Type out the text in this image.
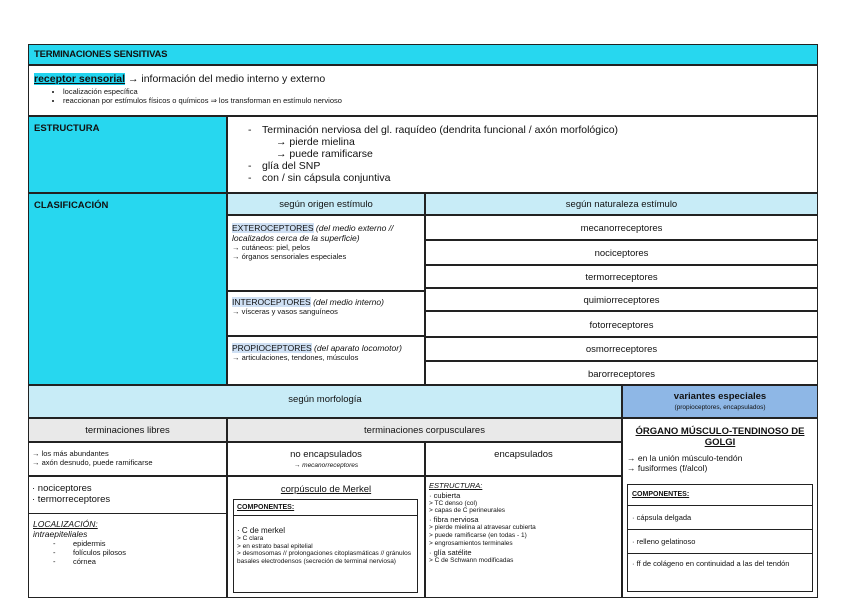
TERMINACIONES SENSITIVAS
receptor sensorial → información del medio interno y externo
• localización específica
• reaccionan por estímulos físicos o químicos ⇒ los transforman en estímulo nervioso
ESTRUCTURA
-	Terminación nerviosa del gl. raquídeo (dendrita funcional / axón morfológico)
→ pierde mielina
→ puede ramificarse
- glía del SNP
- con / sin cápsula conjuntiva
CLASIFICACIÓN	según origen estímulo	según naturaleza estímulo
EXTEROCEPTORES (del medio externo // localizados cerca de la superficie)
→ cutáneos: piel, pelos
→ órganos sensoriales especiales
INTEROCEPTORES (del medio interno)
→ vísceras y vasos sanguíneos
PROPIOCEPTORES (del aparato locomotor)
→ articulaciones, tendones, músculos
mecanorreceptores
nociceptores
termorreceptores
quimiorreceptores
fotorreceptores
osmorreceptores
barorreceptores
según morfología	variantes especiales
(propioceptores, encapsulados)
terminaciones libres	terminaciones corpusculares
→ los más abundantes
→ axón desnudo, puede ramificarse
· nociceptores
· termorreceptores
LOCALIZACIÓN:
intraepiteliales
- epidermis
- folículos pilosos
- córnea
no encapsulados
→ mecanorreceptores
corpúsculo de Merkel
COMPONENTES:
· C de merkel
> C clara
> en estrato basal epitelial
> desmosomas // prolongaciones citoplasmáticas // gránulos basales electrodensos (secreción de terminal nerviosa)
encapsulados
ESTRUCTURA:
· cubierta
> TC denso (col)
> capas de C perineurales
· fibra nerviosa
> pierde mielina al atravesar cubierta
> puede ramificarse (en todas - 1)
> engrosamientos terminales
· glía satélite
> C de Schwann modificadas
ÓRGANO MÚSCULO-TENDINOSO DE GOLGI
→ en la unión músculo-tendón
→ fusiformes (f/alcol)
COMPONENTES:
· cápsula delgada
· relleno gelatinoso
· ff de colágeno en continuidad a las del tendón
